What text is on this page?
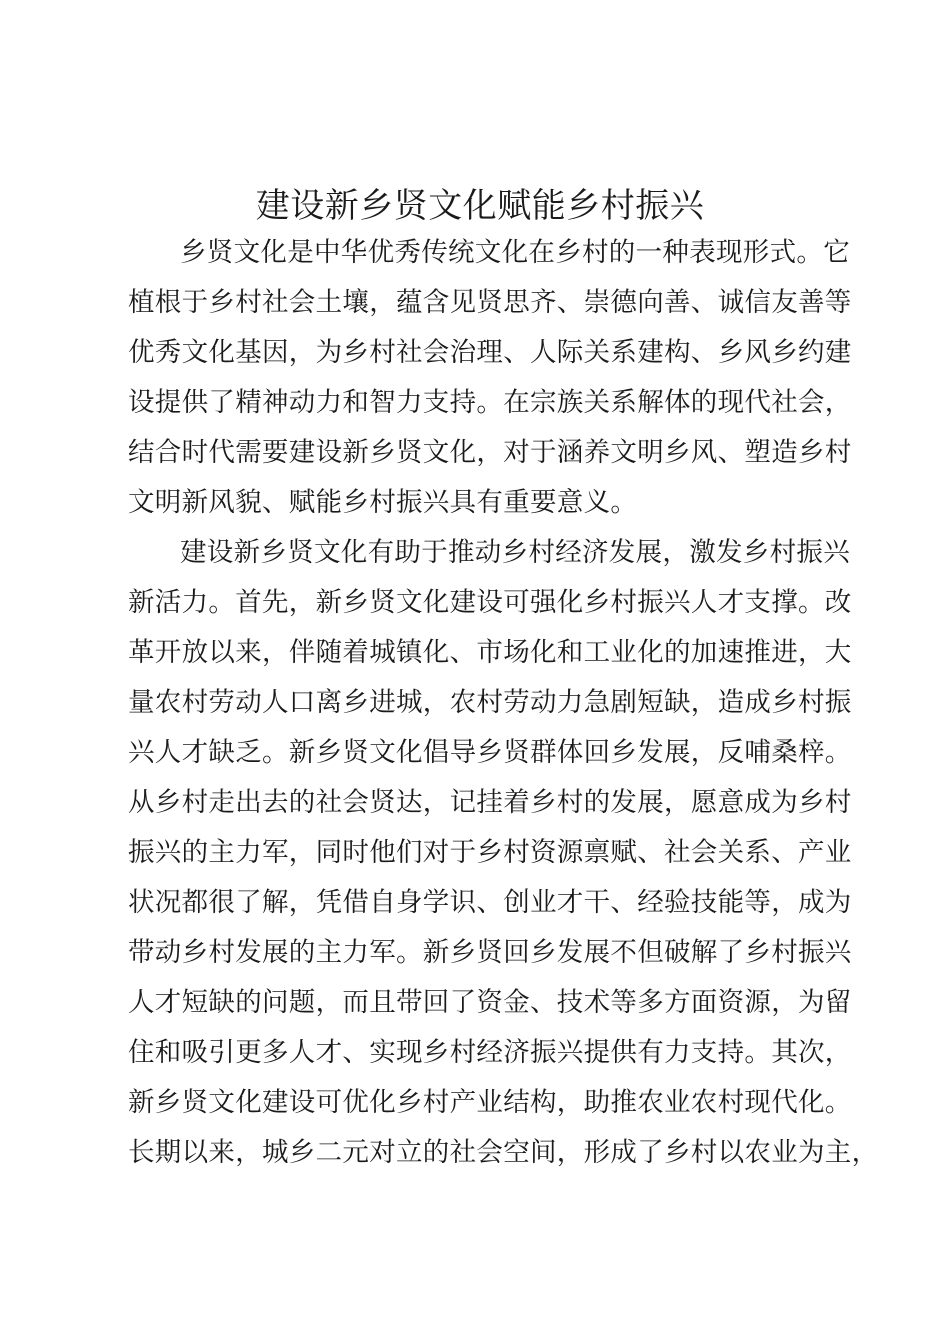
建设新乡贤文化赋能乡村振兴
乡贤文化是中华优秀传统文化在乡村的一种表现形式。它
植根于乡村社会土壤，蕴含见贤思齐、崇德向善、诚信友善等
优秀文化基因，为乡村社会治理、人际关系建构、乡风乡约建
设提供了精神动力和智力支持。在宗族关系解体的现代社会，
结合时代需要建设新乡贤文化，对于涵养文明乡风、塑造乡村
文明新风貌、赋能乡村振兴具有重要意义。
建设新乡贤文化有助于推动乡村经济发展，激发乡村振兴
新活力。首先，新乡贤文化建设可强化乡村振兴人才支撑。改
革开放以来，伴随着城镇化、市场化和工业化的加速推进，大
量农村劳动人口离乡进城，农村劳动力急剧短缺，造成乡村振
兴人才缺乏。新乡贤文化倡导乡贤群体回乡发展，反哺桑梓。
从乡村走出去的社会贤达，记挂着乡村的发展，愿意成为乡村
振兴的主力军，同时他们对于乡村资源禀赋、社会关系、产业
状况都很了解，凭借自身学识、创业才干、经验技能等，成为
带动乡村发展的主力军。新乡贤回乡发展不但破解了乡村振兴
人才短缺的问题，而且带回了资金、技术等多方面资源，为留
住和吸引更多人才、实现乡村经济振兴提供有力支持。其次，
新乡贤文化建设可优化乡村产业结构，助推农业农村现代化。
长期以来，城乡二元对立的社会空间，形成了乡村以农业为主，
